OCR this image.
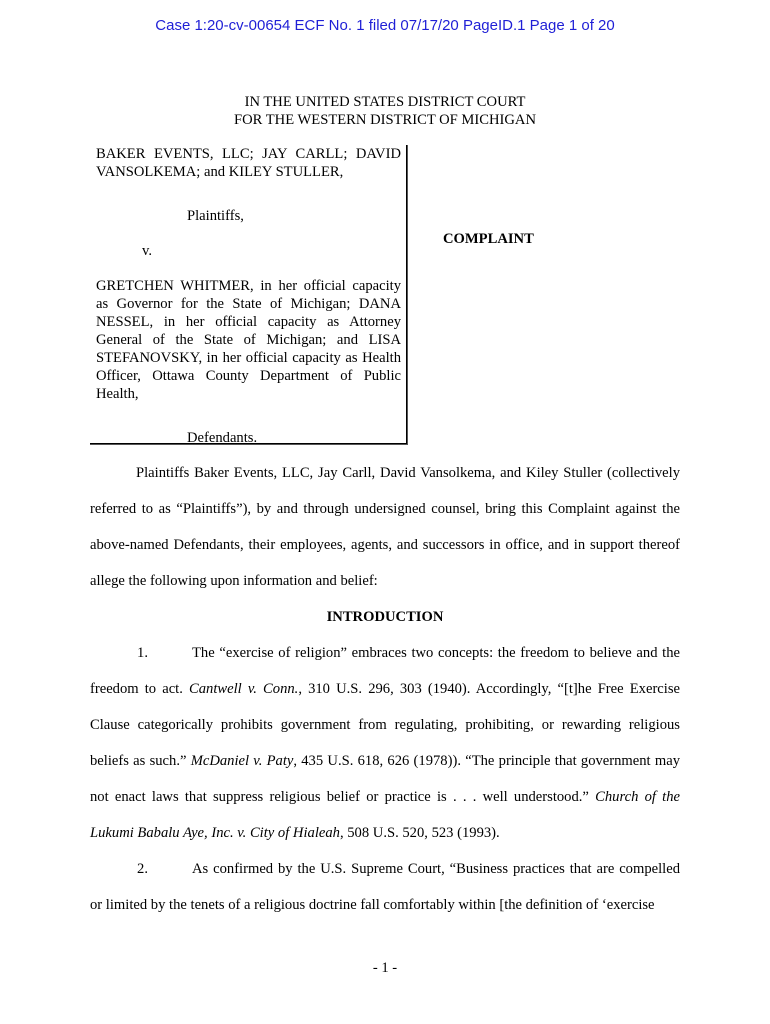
Case 1:20-cv-00654 ECF No. 1 filed 07/17/20 PageID.1 Page 1 of 20
IN THE UNITED STATES DISTRICT COURT
FOR THE WESTERN DISTRICT OF MICHIGAN

BAKER EVENTS, LLC; JAY CARLL; DAVID VANSOLKEMA; and KILEY STULLER,

Plaintiffs,

v.

GRETCHEN WHITMER, in her official capacity as Governor for the State of Michigan; DANA NESSEL, in her official capacity as Attorney General of the State of Michigan; and LISA STEFANOVSKY, in her official capacity as Health Officer, Ottawa County Department of Public Health,

Defendants.

COMPLAINT

Plaintiffs Baker Events, LLC, Jay Carll, David Vansolkema, and Kiley Stuller (collectively referred to as “Plaintiffs”), by and through undersigned counsel, bring this Complaint against the above-named Defendants, their employees, agents, and successors in office, and in support thereof allege the following upon information and belief:

INTRODUCTION

1.	The “exercise of religion” embraces two concepts: the freedom to believe and the freedom to act. Cantwell v. Conn., 310 U.S. 296, 303 (1940). Accordingly, “[t]he Free Exercise Clause categorically prohibits government from regulating, prohibiting, or rewarding religious beliefs as such.” McDaniel v. Paty, 435 U.S. 618, 626 (1978)). “The principle that government may not enact laws that suppress religious belief or practice is . . . well understood.” Church of the Lukumi Babalu Aye, Inc. v. City of Hialeah, 508 U.S. 520, 523 (1993).

2.	As confirmed by the U.S. Supreme Court, “Business practices that are compelled or limited by the tenets of a religious doctrine fall comfortably within [the definition of ‘exercise

- 1 -
